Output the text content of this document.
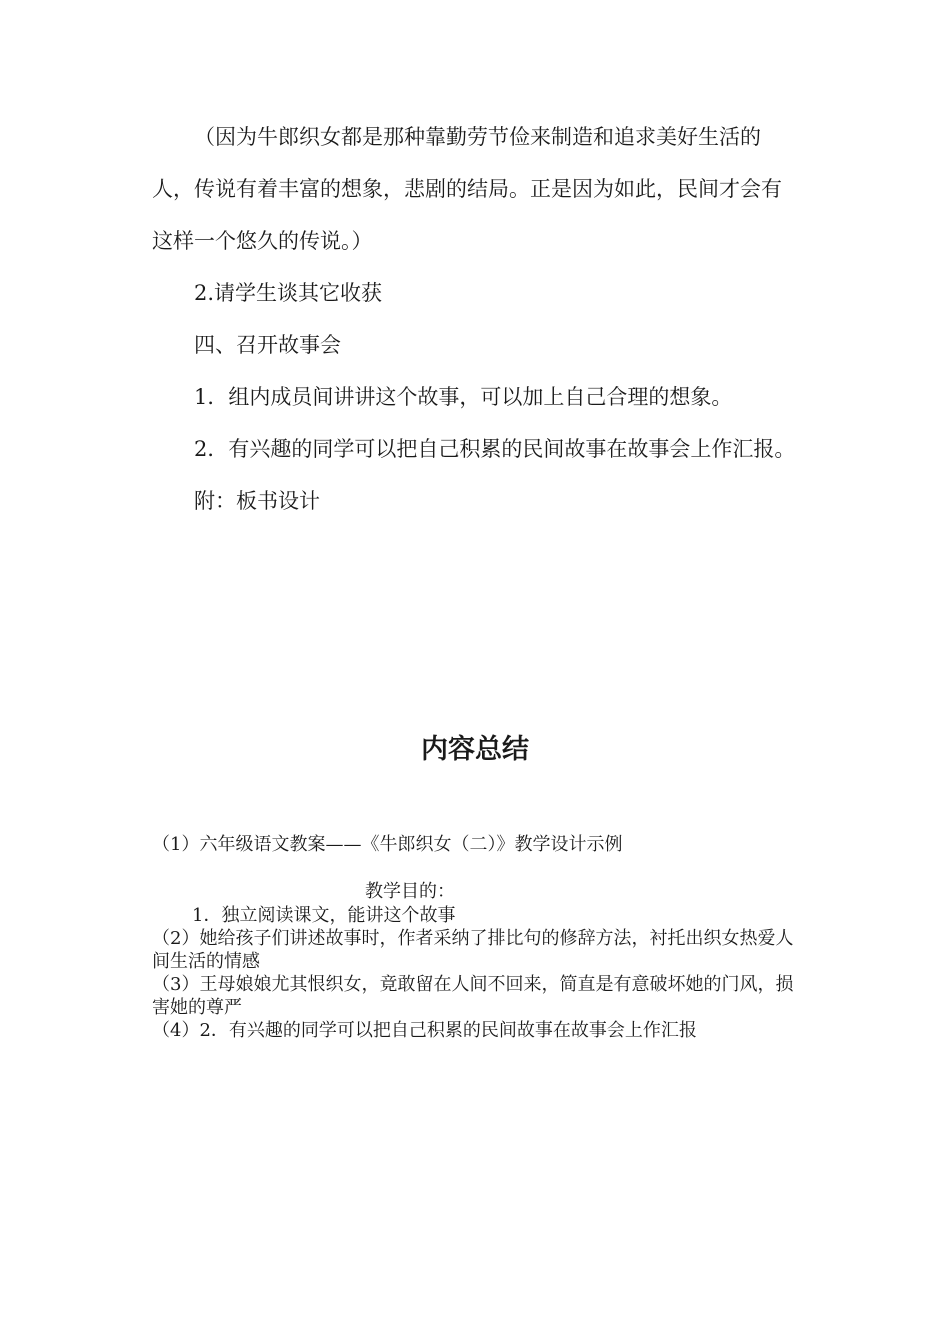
（因为牛郎织女都是那种靠勤劳节俭来制造和追求美好生活的人，传说有着丰富的想象，悲剧的结局。正是因为如此，民间才会有这样一个悠久的传说。）

2.请学生谈其它收获

四、召开故事会

1．组内成员间讲讲这个故事，可以加上自己合理的想象。

2．有兴趣的同学可以把自己积累的民间故事在故事会上作汇报。

附：板书设计

内容总结

（1）六年级语文教案——《牛郎织女（二）》教学设计示例

教学目的：

1．独立阅读课文，能讲这个故事

（2）她给孩子们讲述故事时，作者采纳了排比句的修辞方法，衬托出织女热爱人间生活的情感

（3）王母娘娘尤其恨织女，竟敢留在人间不回来，简直是有意破坏她的门风，损害她的尊严

（4）2．有兴趣的同学可以把自己积累的民间故事在故事会上作汇报
